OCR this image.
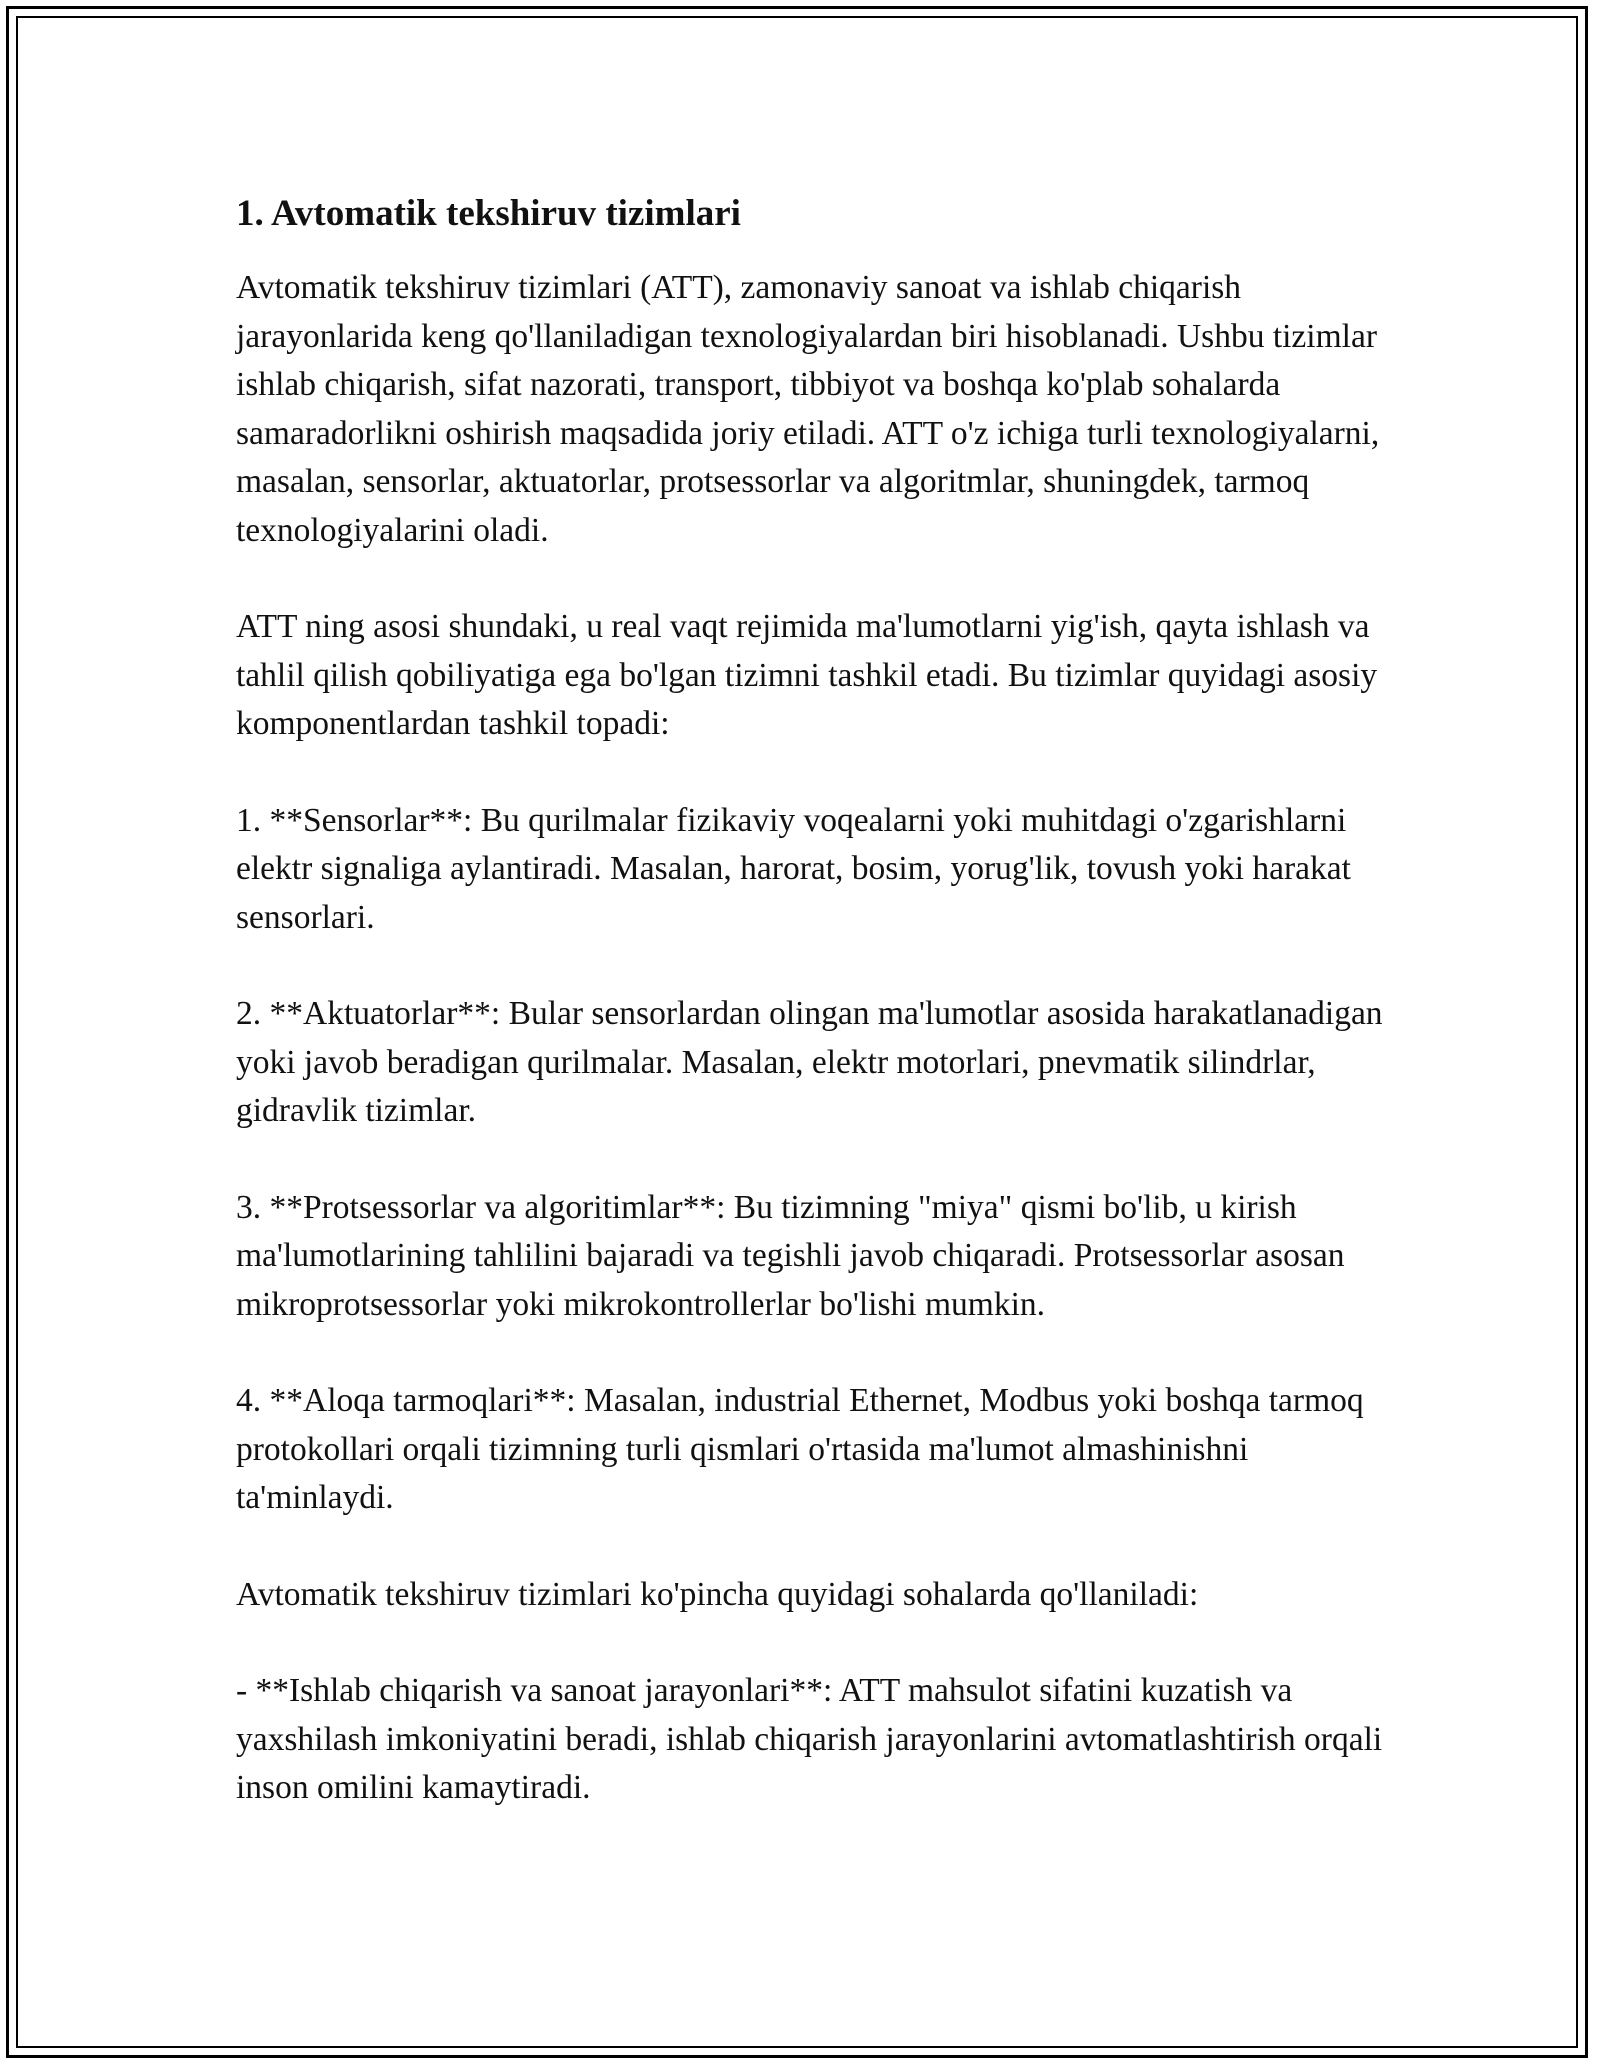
1. Avtomatik tekshiruv tizimlari

Avtomatik tekshiruv tizimlari (ATT), zamonaviy sanoat va ishlab chiqarish jarayonlarida keng qo'llaniladigan texnologiyalardan biri hisoblanadi. Ushbu tizimlar ishlab chiqarish, sifat nazorati, transport, tibbiyot va boshqa ko'plab sohalarda samaradorlikni oshirish maqsadida joriy etiladi. ATT o'z ichiga turli texnologiyalarni, masalan, sensorlar, aktuatorlar, protsessorlar va algoritmlar, shuningdek, tarmoq texnologiyalarini oladi.

ATT ning asosi shundaki, u real vaqt rejimida ma'lumotlarni yig'ish, qayta ishlash va tahlil qilish qobiliyatiga ega bo'lgan tizimni tashkil etadi. Bu tizimlar quyidagi asosiy komponentlardan tashkil topadi:

1. **Sensorlar**: Bu qurilmalar fizikaviy voqealarni yoki muhitdagi o'zgarishlarni elektr signaliga aylantiradi. Masalan, harorat, bosim, yorug'lik, tovush yoki harakat sensorlari.

2. **Aktuatorlar**: Bular sensorlardan olingan ma'lumotlar asosida harakatlanadigan yoki javob beradigan qurilmalar. Masalan, elektr motorlari, pnevmatik silindrlar, gidravlik tizimlar.

3. **Protsessorlar va algoritimlar**: Bu tizimning "miya" qismi bo'lib, u kirish ma'lumotlarining tahlilini bajaradi va tegishli javob chiqaradi. Protsessorlar asosan mikroprotsessorlar yoki mikrokontrollerlar bo'lishi mumkin.

4. **Aloqa tarmoqlari**: Masalan, industrial Ethernet, Modbus yoki boshqa tarmoq protokollari orqali tizimning turli qismlari o'rtasida ma'lumot almashinishni ta'minlaydi.

Avtomatik tekshiruv tizimlari ko'pincha quyidagi sohalarda qo'llaniladi:

- **Ishlab chiqarish va sanoat jarayonlari**: ATT mahsulot sifatini kuzatish va yaxshilash imkoniyatini beradi, ishlab chiqarish jarayonlarini avtomatlashtirish orqali inson omilini kamaytiradi.
